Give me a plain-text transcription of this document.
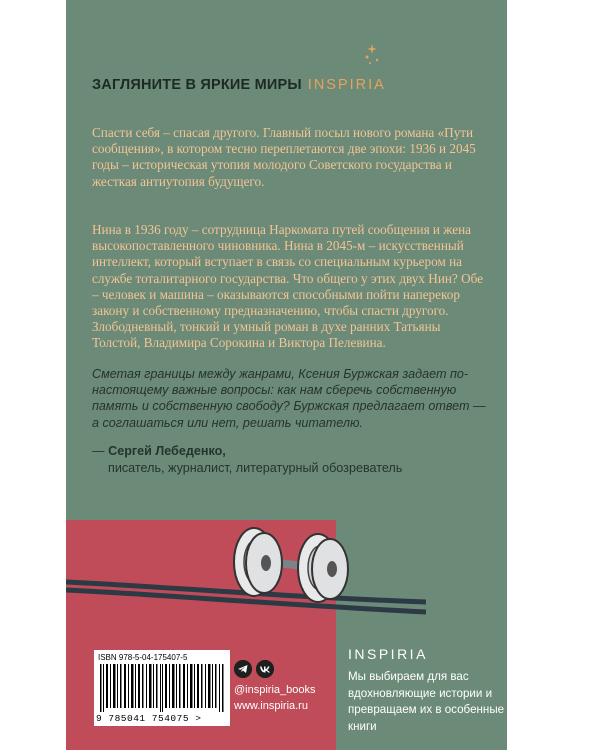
ЗАГЛЯНИТЕ В ЯРКИЕ МИРЫ INSPIRIA
Спасти себя – спасая другого. Главный посыл нового романа «Пути сообщения», в котором тесно переплетаются две эпохи: 1936 и 2045 годы – историческая утопия молодого Советского государства и жесткая антиутопия будущего.
Нина в 1936 году – сотрудница Наркомата путей сообщения и жена высокопоставленного чиновника. Нина в 2045-м – искусственный интеллект, который вступает в связь со специальным курьером на службе тоталитарного государства. Что общего у этих двух Нин? Обе – человек и машина – оказываются способными пойти наперекор закону и собственному предназначению, чтобы спасти другого.
Злободневный, тонкий и умный роман в духе ранних Татьяны Толстой, Владимира Сорокина и Виктора Пелевина.
Сметая границы между жанрами, Ксения Буржская задает по-настоящему важные вопросы: как нам сберечь собственную память и собственную свободу? Буржская предлагает ответ — а соглашаться или нет, решать читателю.
— Сергей Лебеденко,
писатель, журналист, литературный обозреватель
ISBN 978-5-04-175407-5
9 785041 754075 >
@inspiria_books
www.inspiria.ru
INSPIRIA
Мы выбираем для вас вдохновляющие истории и превращаем их в особенные книги
